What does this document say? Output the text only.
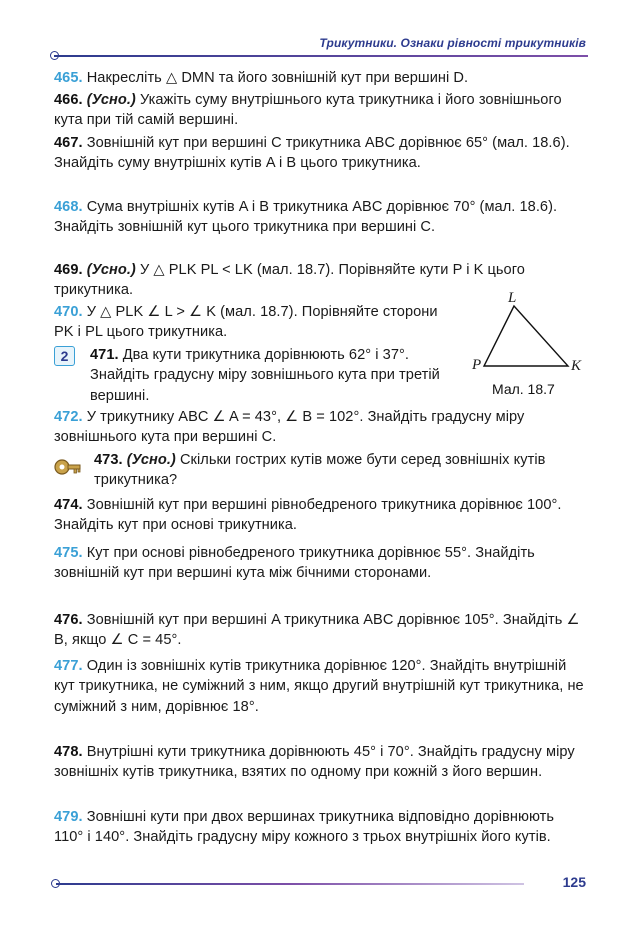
Трикутники. Ознаки рівності трикутників
465. Накресліть △ DMN та його зовнішній кут при вершині D.
466. (Усно.) Укажіть суму внутрішнього кута трикутника і його зовнішнього кута при тій самій вершині.
467. Зовнішній кут при вершині C трикутника ABC дорівнює 65° (мал. 18.6). Знайдіть суму внутрішніх кутів A і B цього трикутника.
468. Сума внутрішніх кутів A і B трикутника ABC дорівнює 70° (мал. 18.6). Знайдіть зовнішній кут цього трикутника при вершині C.
469. (Усно.) У △ PLK PL < LK (мал. 18.7). Порівняйте кути P і K цього трикутника.
470. У △ PLK ∠ L > ∠ K (мал. 18.7). Порівняйте сторони PK і PL цього трикутника.
2	471. Два кути трикутника дорівнюють 62° і 37°. Знайдіть градусну міру зовнішнього кута при третій вершині.
L
P	K
Мал. 18.7
472. У трикутнику ABC ∠ A = 43°, ∠ B = 102°. Знайдіть градусну міру зовнішнього кута при вершині C.
473. (Усно.) Скільки гострих кутів може бути серед зовнішніх кутів трикутника?
474. Зовнішній кут при вершині рівнобедреного трикутника дорівнює 100°. Знайдіть кут при основі трикутника.
475. Кут при основі рівнобедреного трикутника дорівнює 55°. Знайдіть зовнішній кут при вершині кута між бічними сторонами.
476. Зовнішній кут при вершині A трикутника ABC дорівнює 105°. Знайдіть ∠ B, якщо ∠ C = 45°.
477. Один із зовнішніх кутів трикутника дорівнює 120°. Знайдіть внутрішній кут трикутника, не суміжний з ним, якщо другий внутрішній кут трикутника, не суміжний з ним, дорівнює 18°.
478. Внутрішні кути трикутника дорівнюють 45° і 70°. Знайдіть градусну міру зовнішніх кутів трикутника, взятих по одному при кожній з його вершин.
479. Зовнішні кути при двох вершинах трикутника відповідно дорівнюють 110° і 140°. Знайдіть градусну міру кожного з трьох внутрішніх його кутів.
125
